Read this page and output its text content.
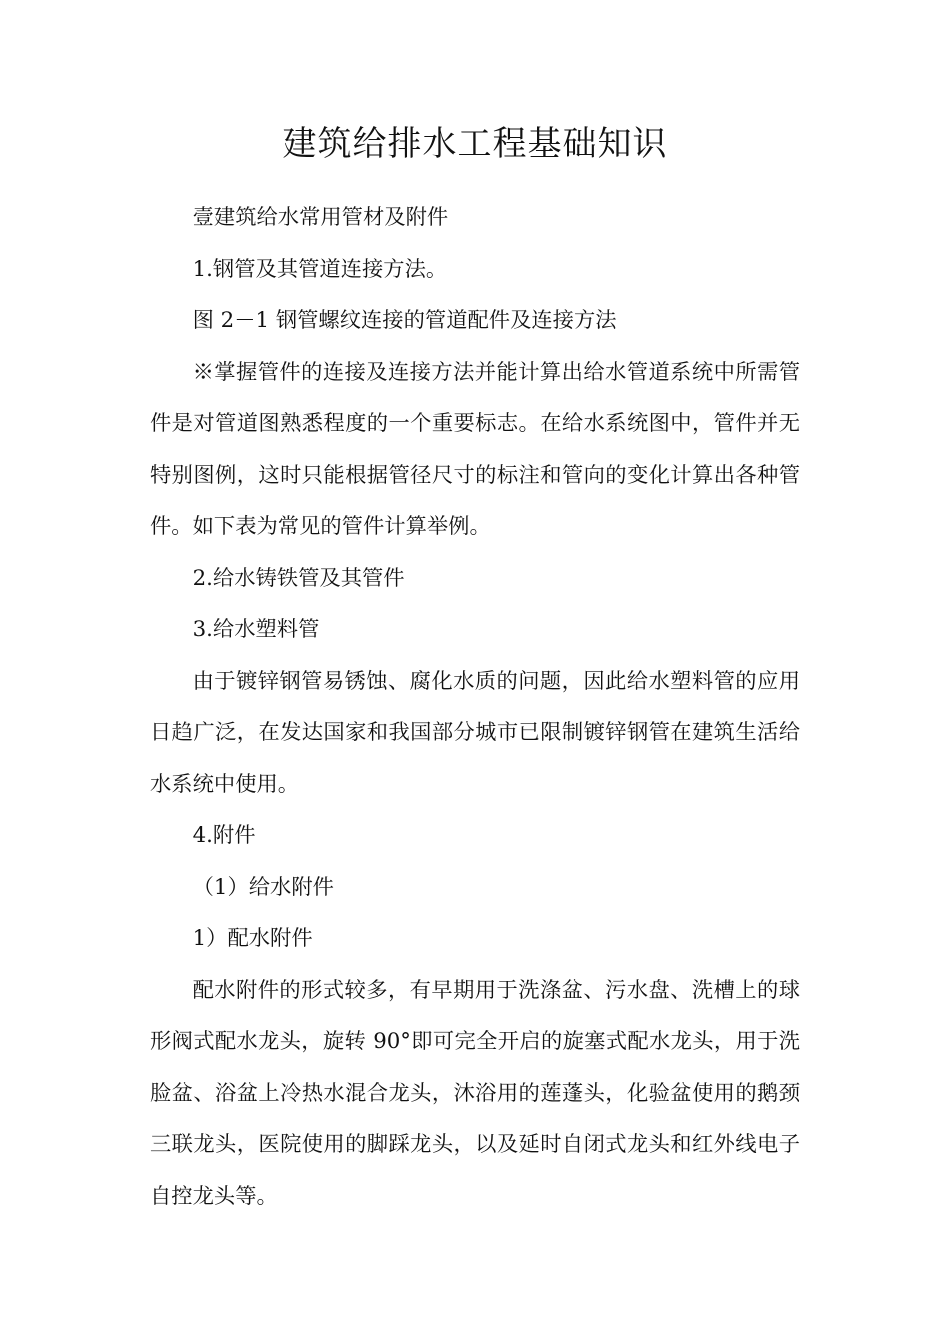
建筑给排水工程基础知识

壹建筑给水常用管材及附件

1.钢管及其管道连接方法。

图 2－1 钢管螺纹连接的管道配件及连接方法

※掌握管件的连接及连接方法并能计算出给水管道系统中所需管件是对管道图熟悉程度的一个重要标志。在给水系统图中，管件并无特别图例，这时只能根据管径尺寸的标注和管向的变化计算出各种管件。如下表为常见的管件计算举例。

2.给水铸铁管及其管件

3.给水塑料管

由于镀锌钢管易锈蚀、腐化水质的问题，因此给水塑料管的应用日趋广泛，在发达国家和我国部分城市已限制镀锌钢管在建筑生活给水系统中使用。

4.附件

（1）给水附件

1）配水附件

配水附件的形式较多，有早期用于洗涤盆、污水盘、洗槽上的球形阀式配水龙头，旋转 90°即可完全开启的旋塞式配水龙头，用于洗脸盆、浴盆上冷热水混合龙头，沐浴用的莲蓬头，化验盆使用的鹅颈三联龙头，医院使用的脚踩龙头，以及延时自闭式龙头和红外线电子自控龙头等。
